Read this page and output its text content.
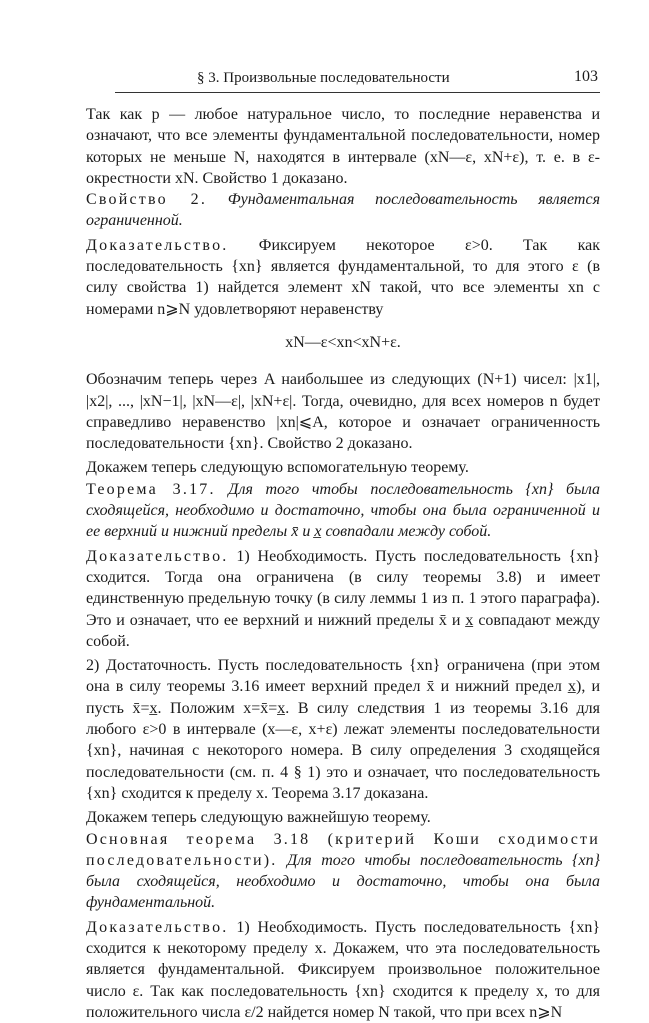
§ 3. Произвольные последовательности	103

Так как p — любое натуральное число, то последние неравенства и означают, что все элементы фундаментальной последовательности, номер которых не меньше N, находятся в интервале (xN—ε, xN+ε), т. е. в ε-окрестности xN. Свойство 1 доказано.

Свойство 2. Фундаментальная последовательность является ограниченной.

Доказательство. Фиксируем некоторое ε>0. Так как последовательность {xn} является фундаментальной, то для этого ε (в силу свойства 1) найдется элемент xN такой, что все элементы xn с номерами n⩾N удовлетворяют неравенству

xN—ε<xn<xN+ε.

Обозначим теперь через A наибольшее из следующих (N+1) чисел: |x1|, |x2|, ..., |xN−1|, |xN—ε|, |xN+ε|. Тогда, очевидно, для всех номеров n будет справедливо неравенство |xn|⩽A, которое и означает ограниченность последовательности {xn}. Свойство 2 доказано.

Докажем теперь следующую вспомогательную теорему.

Теорема 3.17. Для того чтобы последовательность {xn} была сходящейся, необходимо и достаточно, чтобы она была ограниченной и ее верхний и нижний пределы x̄ и x̲ совпадали между собой.

Доказательство. 1) Необходимость. Пусть последовательность {xn} сходится. Тогда она ограничена (в силу теоремы 3.8) и имеет единственную предельную точку (в силу леммы 1 из п. 1 этого параграфа). Это и означает, что ее верхний и нижний пределы x̄ и x̲ совпадают между собой.

2) Достаточность. Пусть последовательность {xn} ограничена (при этом она в силу теоремы 3.16 имеет верхний предел x̄ и нижний предел x̲), и пусть x̄=x̲. Положим x=x̄=x̲. В силу следствия 1 из теоремы 3.16 для любого ε>0 в интервале (x—ε, x+ε) лежат элементы последовательности {xn}, начиная с некоторого номера. В силу определения 3 сходящейся последовательности (см. п. 4 § 1) это и означает, что последовательность {xn} сходится к пределу x. Теорема 3.17 доказана.

Докажем теперь следующую важнейшую теорему.

Основная теорема 3.18 (критерий Коши сходимости последовательности). Для того чтобы последовательность {xn} была сходящейся, необходимо и достаточно, чтобы она была фундаментальной.

Доказательство. 1) Необходимость. Пусть последовательность {xn} сходится к некоторому пределу x. Докажем, что эта последовательность является фундаментальной. Фиксируем произвольное положительное число ε. Так как последовательность {xn} сходится к пределу x, то для положительного числа ε/2 найдется номер N такой, что при всех n⩾N
